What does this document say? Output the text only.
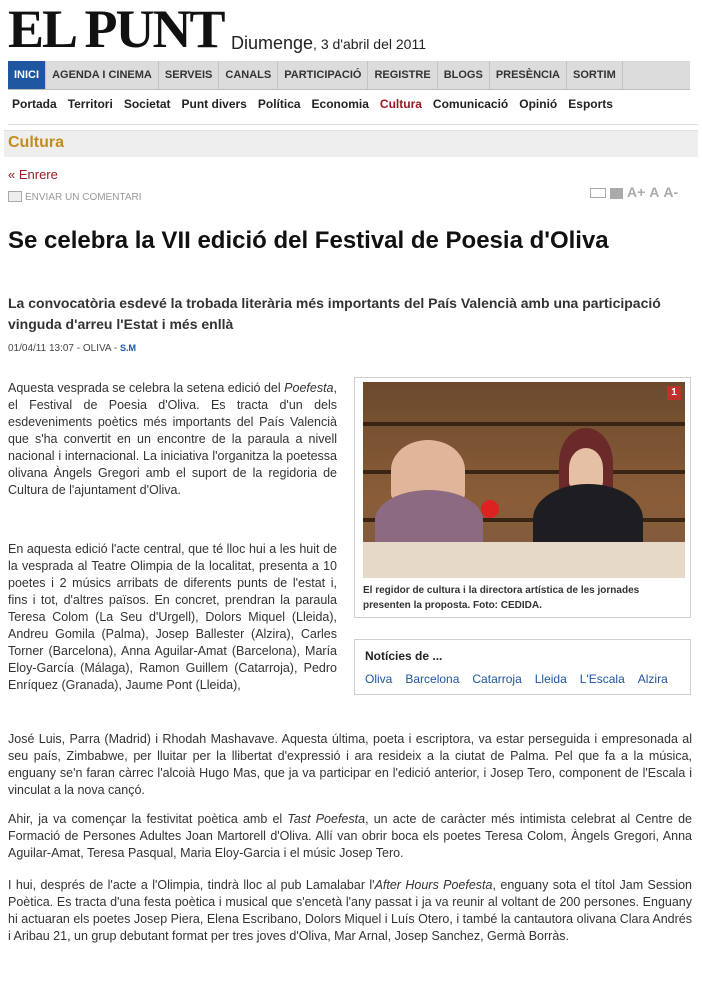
EL PUNT Diumenge, 3 d'abril del 2011
INICI	AGENDA I CINEMA	SERVEIS	CANALS	PARTICIPACIÓ	REGISTRE	BLOGS	PRESÈNCIA	SORTIM
Portada Territori Societat Punt divers Política Economia Cultura Comunicació Opinió Esports
Cultura
« Enrere
ENVIAR UN COMENTARI	A+ A A-
Se celebra la VII edició del Festival de Poesia d'Oliva
La convocatòria esdevé la trobada literària més importants del País Valencià amb una participació vinguda d'arreu l'Estat i més enllà
01/04/11 13:07 - OLIVA - S.M
Aquesta vesprada se celebra la setena edició del Poefesta, el Festival de Poesia d'Oliva. Es tracta d'un dels esdeveniments poètics més importants del País Valencià que s'ha convertit en un encontre de la paraula a nivell nacional i internacional. La iniciativa l'organitza la poetessa olivana Àngels Gregori amb el suport de la regidoria de Cultura de l'ajuntament d'Oliva.
En aquesta edició l'acte central, que té lloc hui a les huit de la vesprada al Teatre Olimpia de la localitat, presenta a 10 poetes i 2 músics arribats de diferents punts de l'estat i, fins i tot, d'altres països. En concret, prendran la paraula Teresa Colom (La Seu d'Urgell), Dolors Miquel (Lleida), Andreu Gomila (Palma), Josep Ballester (Alzira), Carles Torner (Barcelona), Anna Aguilar-Amat (Barcelona), María Eloy-García (Málaga), Ramon Guillem (Catarroja), Pedro Enríquez (Granada), Jaume Pont (Lleida),
José Luis, Parra (Madrid) i Rhodah Mashavave. Aquesta última, poeta i escriptora, va estar perseguida i empresonada al seu país, Zimbabwe, per lluitar per la llibertat d'expressió i ara resideix a la ciutat de Palma. Pel que fa a la música, enguany se'n faran càrrec l'alcoià Hugo Mas, que ja va participar en l'edició anterior, i Josep Tero, component de l'Escala i vinculat a la nova cançó.
Ahir, ja va començar la festivitat poètica amb el Tast Poefesta, un acte de caràcter més intimista celebrat al Centre de Formació de Persones Adultes Joan Martorell d'Oliva. Allí van obrir boca els poetes Teresa Colom, Àngels Gregori, Anna Aguilar-Amat, Teresa Pasqual, Maria Eloy-Garcia i el músic Josep Tero.
I hui, després de l'acte a l'Olimpia, tindrà lloc al pub Lamalabar l'After Hours Poefesta, enguany sota el títol Jam Session Poètica. Es tracta d'una festa poètica i musical que s'encetà l'any passat i ja va reunir al voltant de 200 persones. Enguany hi actuaran els poetes Josep Piera, Elena Escribano, Dolors Miquel i Luís Otero, i també la cantautora olivana Clara Andrés i Aribau 21, un grup debutant format per tres joves d'Oliva, Mar Arnal, Josep Sanchez, Germà Borràs.
1
El regidor de cultura i la directora artística de les jornades presenten la proposta. Foto: CEDIDA.
Notícies de ...
Oliva Barcelona Catarroja Lleida L'Escala Alzira
